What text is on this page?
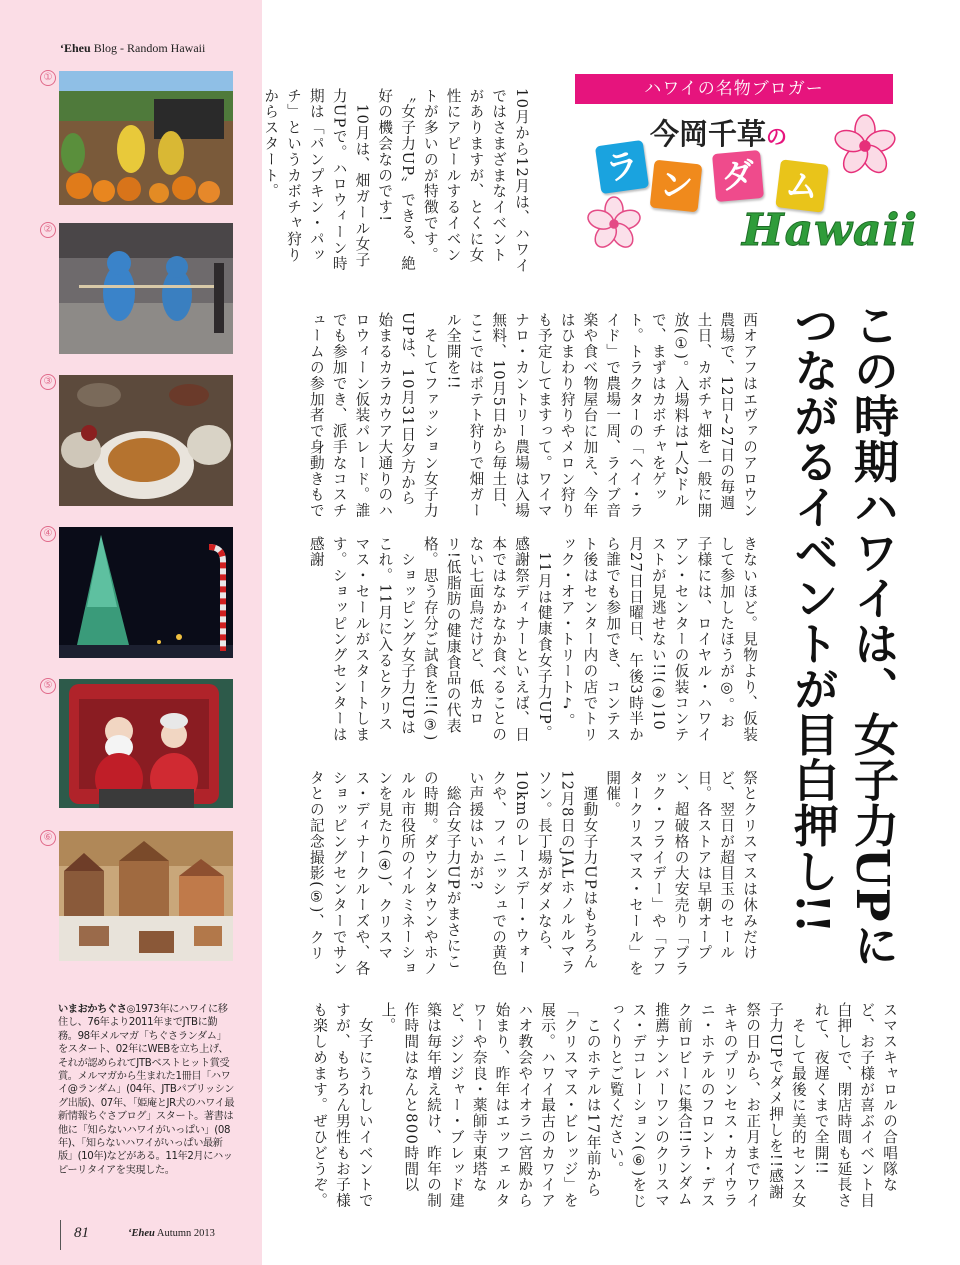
‘Eheu Blog - Random Hawaii
①
②
③
④
⑤
⑥
いまおかちぐさ◎1973年にハワイに移住し、76年より2011年までJTBに勤務。98年メルマガ「ちぐさランダム」をスタート、02年にWEBを立ち上げ、それが認められてJTBベストヒット賞受賞。メルマガから生まれた1冊目「ハワイ@ランダム」(04年、JTBパブリッシング出版)、07年、「姫庵とJR犬のハワイ最新情報ちぐさブログ」スタート。著書は他に「知らないハワイがいっぱい」(08年)、「知らないハワイがいっぱい最新版」(10年)などがある。11年2月にハッピーリタイアを実現した。
81	‘Eheu Autumn 2013
ハワイの名物ブロガー
今岡千草の
ラ ン ダ ム
Hawaii
この時期ハワイは、女子力UPに
つながるイベントが目白押し!!
10月から12月は、ハワイではさまざまなイベントがありますが、とくに女性にアピールするイベントが多いのが特徴です。〝女子力UP〟できる、絶好の機会なのです!
　10月は、畑ガール女子力UPで。ハロウィーン時期は「パンプキン・パッチ」というカボチャ狩りからスタート。
西オアフはエヴァのアロウン農場で、12日~27日の毎週土日、カボチャ畑を一般に開放(①)。入場料は1人2ドルで、まずはカボチャをゲット。トラクターの「ヘイ・ライド」で農場一周、ライブ音楽や食べ物屋台に加え、今年はひまわり狩りやメロン狩りも予定してますって。ワイマナロ・カントリー農場は入場無料、10月5日から毎土日、ここではポテト狩りで畑ガール全開を!!
　そしてファッション女子力UPは、10月31日夕方から始まるカラカウア大通りのハロウィーン仮装パレード。誰でも参加でき、派手なコスチュームの参加者で身動きもで
きないほど。見物より、仮装して参加したほうが◎。お子様には、ロイヤル・ハワイアン・センターの仮装コンテストが見逃せない!!(②)10月27日日曜日、午後3時半から誰でも参加でき、コンテスト後はセンター内の店でトリック・オア・トリート♪。
　11月は健康食女子力UP。感謝祭ディナーといえば、日本ではなかなか食べることのない七面鳥だけど、低カロリ!低脂肪の健康食品の代表格。思う存分ご試食を!!(③)
　ショッピング女子力UPはこれ。11月に入るとクリスマス・セールがスタートします。ショッピングセンターは感謝
祭とクリスマスは休みだけど、翌日が超目玉のセール日。各ストアは早朝オープン、超破格の大安売り「ブラック・フライデー」や「アフタークリスマス・セール」を開催。
　運動女子力UPはもちろん12月8日のJALホノルルマラソン。長丁場がダメなら、10kmのレースデー・ウォークや、フィニッシュでの黄色い声援はいかが?
　総合女子力UPがまさにこの時期。ダウンタウンやホノルル市役所のイルミネーションを見たり(④)、クリスマス・ディナークルーズや、各ショッピングセンターでサンタとの記念撮影(⑤)、クリ
スマスキャロルの合唱隊など、お子様が喜ぶイベント目白押しで、閉店時間も延長されて、夜遅くまで全開!!
　そして最後に美的センス女子力UPでダメ押しを!!感謝祭の日から、お正月までワイキキのプリンセス・カイウラニ・ホテルのフロント・デスク前ロビーに集合!!ランダム推薦ナンバーワンのクリスマス・デコレーション(⑥)をじっくりとご覧ください。
　このホテルは17年前から「クリスマス・ビレッジ」を展示。ハワイ最古のカワイアハオ教会やイオラニ宮殿から始まり、昨年はエッフェルタワーや奈良・薬師寺東塔など、ジンジャー・ブレッド建築は毎年増え続け、昨年の制作時間はなんと800時間以上。
　女子にうれしいイベントですが、もちろん男性もお子様も楽しめます。ぜひどうぞ。
